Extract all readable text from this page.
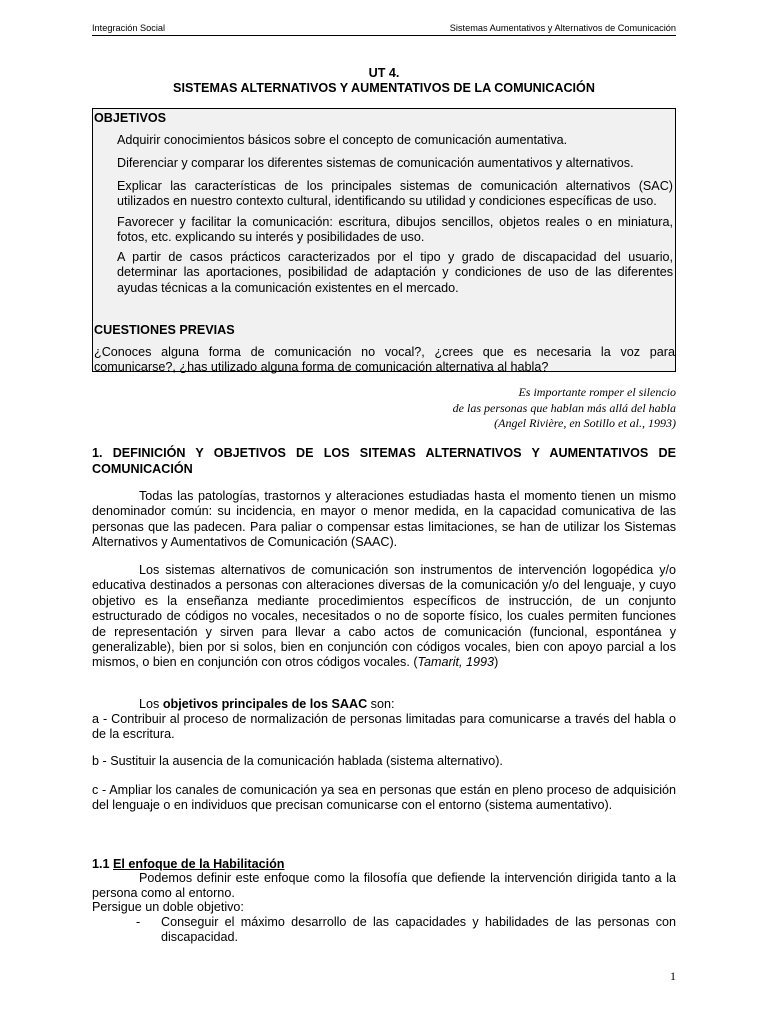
Integración Social	Sistemas Aumentativos y Alternativos de Comunicación
UT 4.
SISTEMAS ALTERNATIVOS Y AUMENTATIVOS DE LA COMUNICACIÓN
OBJETIVOS
Adquirir conocimientos básicos sobre el concepto de comunicación aumentativa.
Diferenciar y comparar los diferentes sistemas de comunicación aumentativos y alternativos.
Explicar las características de los principales sistemas de comunicación alternativos (SAC) utilizados en nuestro contexto cultural, identificando su utilidad y condiciones específicas de uso.
Favorecer y facilitar la comunicación: escritura, dibujos sencillos, objetos reales o en miniatura, fotos, etc. explicando su interés y posibilidades de uso.
A partir de casos prácticos caracterizados por el tipo y grado de discapacidad del usuario, determinar las aportaciones, posibilidad de adaptación y condiciones de uso de las diferentes ayudas técnicas a la comunicación existentes en el mercado.
CUESTIONES PREVIAS
¿Conoces alguna forma de comunicación no vocal?, ¿crees que es necesaria la voz para comunicarse?, ¿has utilizado alguna forma de comunicación alternativa al habla?
Es importante romper el silencio
de las personas que hablan más allá del habla
(Angel Rivière, en Sotillo et al., 1993)
1. DEFINICIÓN Y OBJETIVOS DE LOS SITEMAS ALTERNATIVOS Y AUMENTATIVOS DE COMUNICACIÓN
Todas las patologías, trastornos y alteraciones estudiadas hasta el momento tienen un mismo denominador común: su incidencia, en mayor o menor medida, en la capacidad comunicativa de las personas que las padecen. Para paliar o compensar estas limitaciones, se han de utilizar los Sistemas Alternativos y Aumentativos de Comunicación (SAAC).
Los sistemas alternativos de comunicación son instrumentos de intervención logopédica y/o educativa destinados a personas con alteraciones diversas de la comunicación y/o del lenguaje, y cuyo objetivo es la enseñanza mediante procedimientos específicos de instrucción, de un conjunto estructurado de códigos no vocales, necesitados o no de soporte físico, los cuales permiten funciones de representación y sirven para llevar a cabo actos de comunicación (funcional, espontánea y generalizable), bien por si solos, bien en conjunción con códigos vocales, bien con apoyo parcial a los mismos, o bien en conjunción con otros códigos vocales. (Tamarit, 1993)
Los objetivos principales de los SAAC son:
a - Contribuir al proceso de normalización de personas limitadas para comunicarse a través del habla o de la escritura.
b - Sustituir la ausencia de la comunicación hablada (sistema alternativo).
c - Ampliar los canales de comunicación ya sea en personas que están en pleno proceso de adquisición del lenguaje o en individuos que precisan comunicarse con el entorno (sistema aumentativo).
1.1 El enfoque de la Habilitación
Podemos definir este enfoque como la filosofía que defiende la intervención dirigida tanto a la persona como al entorno.
Persigue un doble objetivo:
- Conseguir el máximo desarrollo de las capacidades y habilidades de las personas con discapacidad.
1
